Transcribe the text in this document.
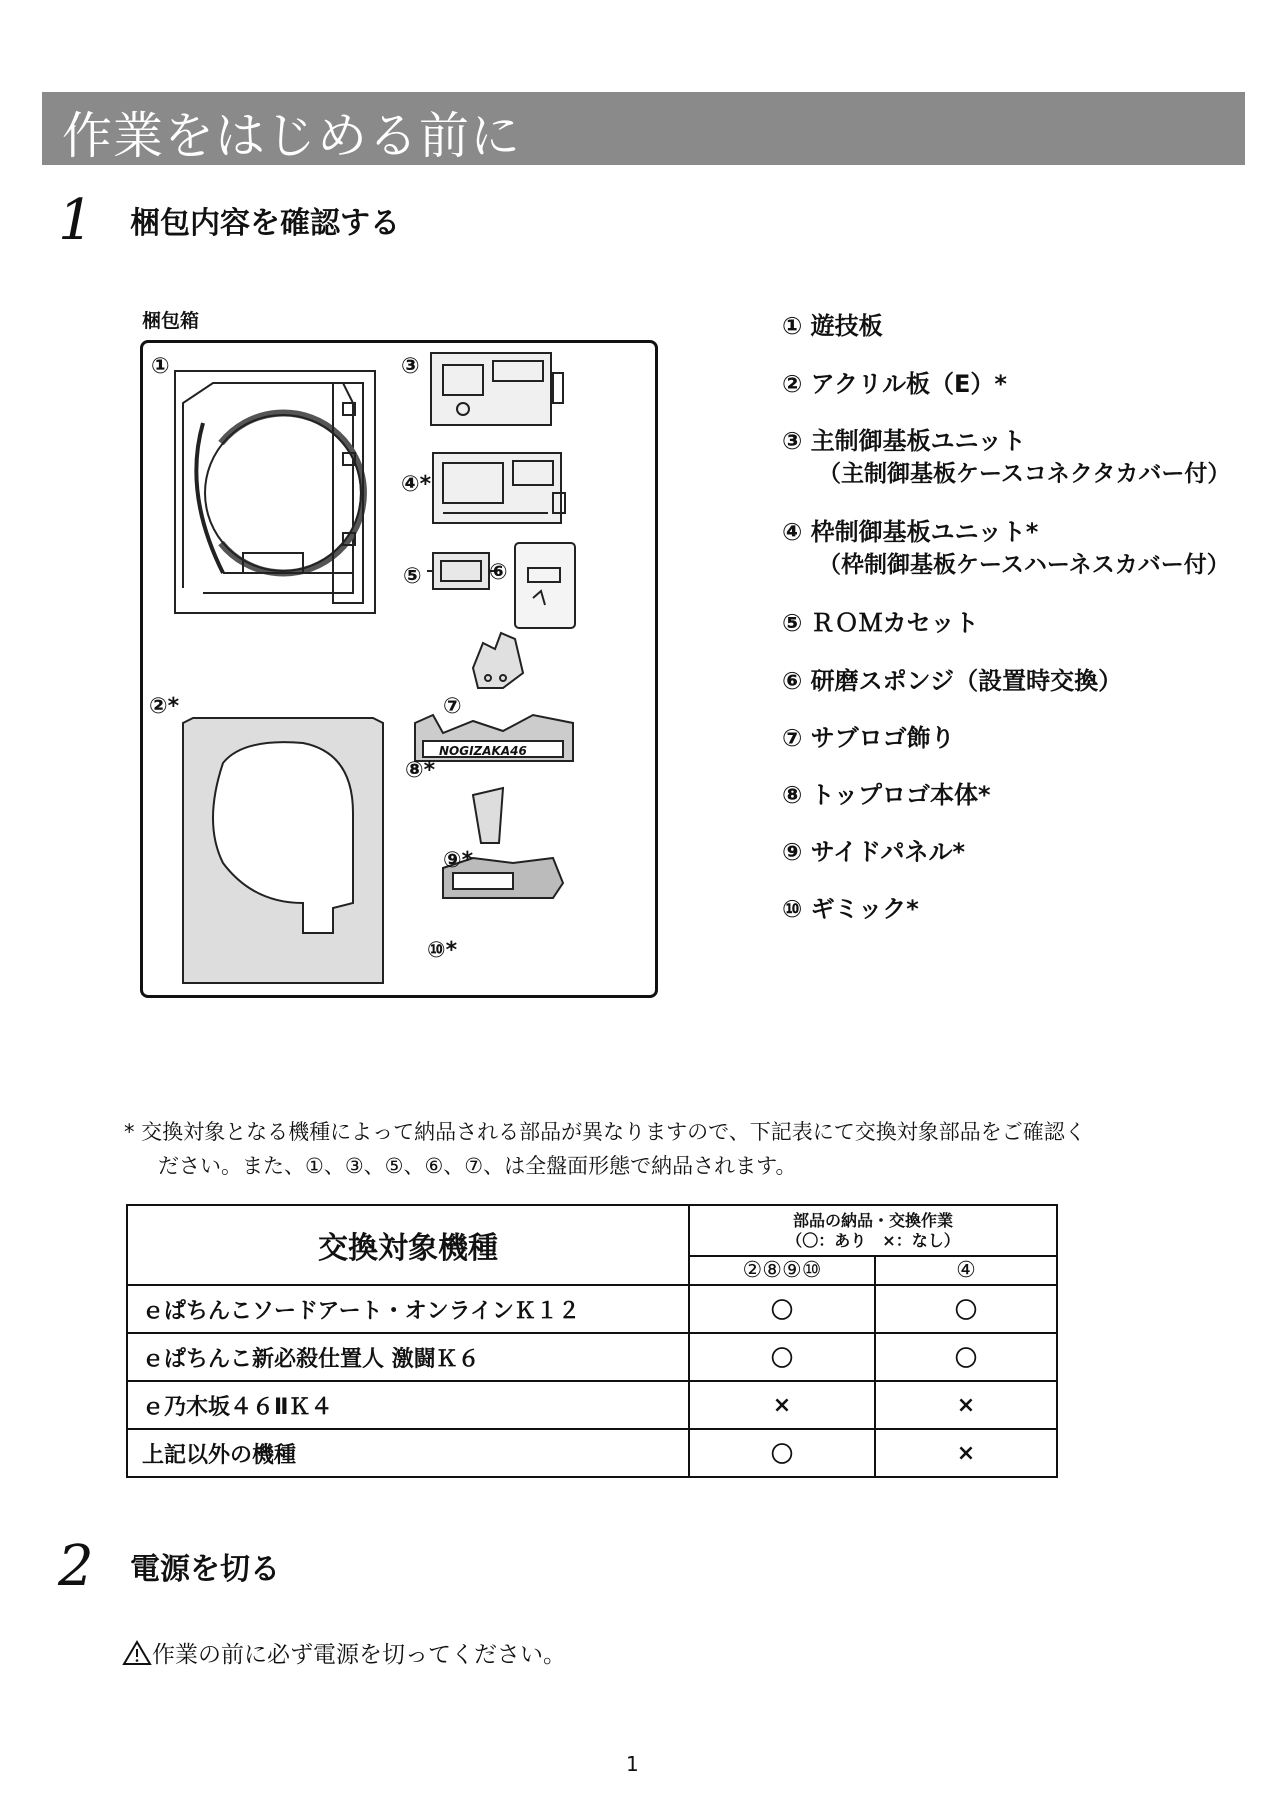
作業をはじめる前に
1 梱包内容を確認する
梱包箱
①	③
④*
⑤	⑥
②*	⑦
⑧*
⑨*
⑩*
NOGIZAKA46
① 遊技板
② アクリル板（E）*
③ 主制御基板ユニット
（主制御基板ケースコネクタカバー付）
④ 枠制御基板ユニット*
（枠制御基板ケースハーネスカバー付）
⑤ ＲＯＭカセット
⑥ 研磨スポンジ（設置時交換）
⑦ サブロゴ飾り
⑧ トップロゴ本体*
⑨ サイドパネル*
⑩ ギミック*
* 交換対象となる機種によって納品される部品が異なりますので、下記表にて交換対象部品をご確認く
ださい。また、①、③、⑤、⑥、⑦、は全盤面形態で納品されます。
交換対象機種	部品の納品・交換作業
（〇：あり　×：なし）	

	②⑧⑨⑩	④
ｅぱちんこソードアート・オンラインＫ１２	〇	〇
ｅぱちんこ新必殺仕置人 激闘Ｋ６	〇	〇
ｅ乃木坂４６ⅡＫ４	×	×
上記以外の機種	〇	×
2 電源を切る
作業の前に必ず電源を切ってください。
1
